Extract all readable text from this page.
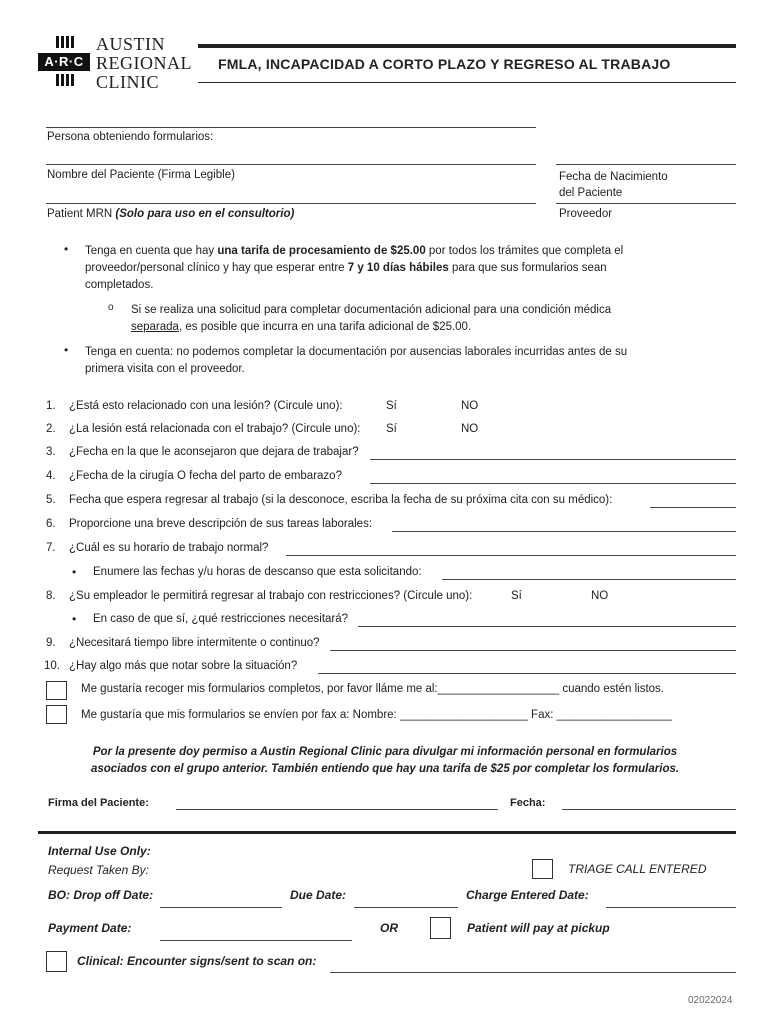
A·R·C
AUSTIN
REGIONAL
CLINIC
FMLA, INCAPACIDAD A CORTO PLAZO Y REGRESO AL TRABAJO
Persona obteniendo formularios:
Nombre del Paciente (Firma Legible)	Fecha de Nacimiento
del Paciente
Patient MRN (Solo para uso en el consultorio)	Proveedor
• Tenga en cuenta que hay una tarifa de procesamiento de $25.00 por todos los trámites que completa el
proveedor/personal clínico y hay que esperar entre 7 y 10 días hábiles para que sus formularios sean
completados.
o Si se realiza una solicitud para completar documentación adicional para una condición médica
separada, es posible que incurra en una tarifa adicional de $25.00.
• Tenga en cuenta: no podemos completar la documentación por ausencias laborales incurridas antes de su
primera visita con el proveedor.
1. ¿Está esto relacionado con una lesión? (Circule uno):	Sí	NO
2. ¿La lesión está relacionada con el trabajo? (Circule uno): Sí	NO
3. ¿Fecha en la que le aconsejaron que dejara de trabajar?
4. ¿Fecha de la cirugía O fecha del parto de embarazo?
5. Fecha que espera regresar al trabajo (si la desconoce, escriba la fecha de su próxima cita con su médico):
6. Proporcione una breve descripción de sus tareas laborales:
7. ¿Cuál es su horario de trabajo normal?
• Enumere las fechas y/u horas de descanso que esta solicitando:
8. ¿Su empleador le permitirá regresar al trabajo con restricciones? (Circule uno):	Sí	NO
• En caso de que sí, ¿qué restricciones necesitará?
9. ¿Necesitará tiempo libre intermitente o continuo?
10. ¿Hay algo más que notar sobre la situación?
Me gustaría recoger mis formularios completos, por favor lláme me al:___________________ cuando estén listos.
Me gustaría que mis formularios se envíen por fax a: Nombre: ____________________ Fax: __________________
Por la presente doy permiso a Austin Regional Clinic para divulgar mi información personal en formularios
asociados con el grupo anterior. También entiendo que hay una tarifa de $25 por completar los formularios.
Firma del Paciente:	Fecha:
Internal Use Only:
Request Taken By:	TRIAGE CALL ENTERED
BO: Drop off Date:	Due Date:	Charge Entered Date:
Payment Date:	OR	Patient will pay at pickup
Clinical: Encounter signs/sent to scan on:
02022024
